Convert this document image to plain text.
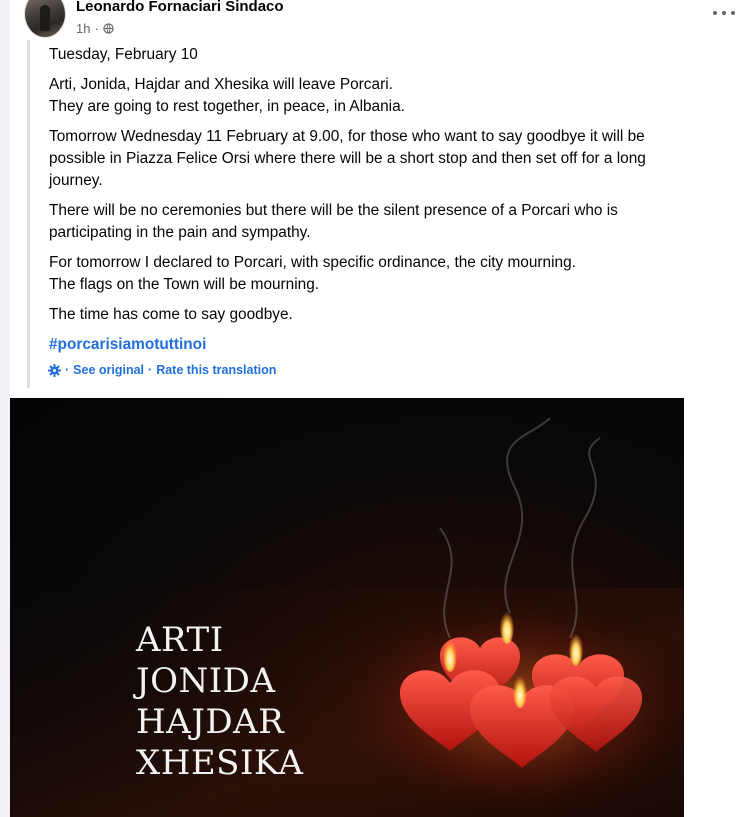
Leonardo Fornaciari Sindaco
1h ·

Tuesday, February 10

Arti, Jonida, Hajdar and Xhesika will leave Porcari.
They are going to rest together, in peace, in Albania.

Tomorrow Wednesday 11 February at 9.00, for those who want to say goodbye it will be
possible in Piazza Felice Orsi where there will be a short stop and then set off for a long
journey.

There will be no ceremonies but there will be the silent presence of a Porcari who is
participating in the pain and sympathy.

For tomorrow I declared to Porcari, with specific ordinance, the city mourning.
The flags on the Town will be mourning.

The time has come to say goodbye.

#porcarisiamotuttinoi

· See original · Rate this translation
ARTI
JONIDA
HAJDAR
XHESIKA
